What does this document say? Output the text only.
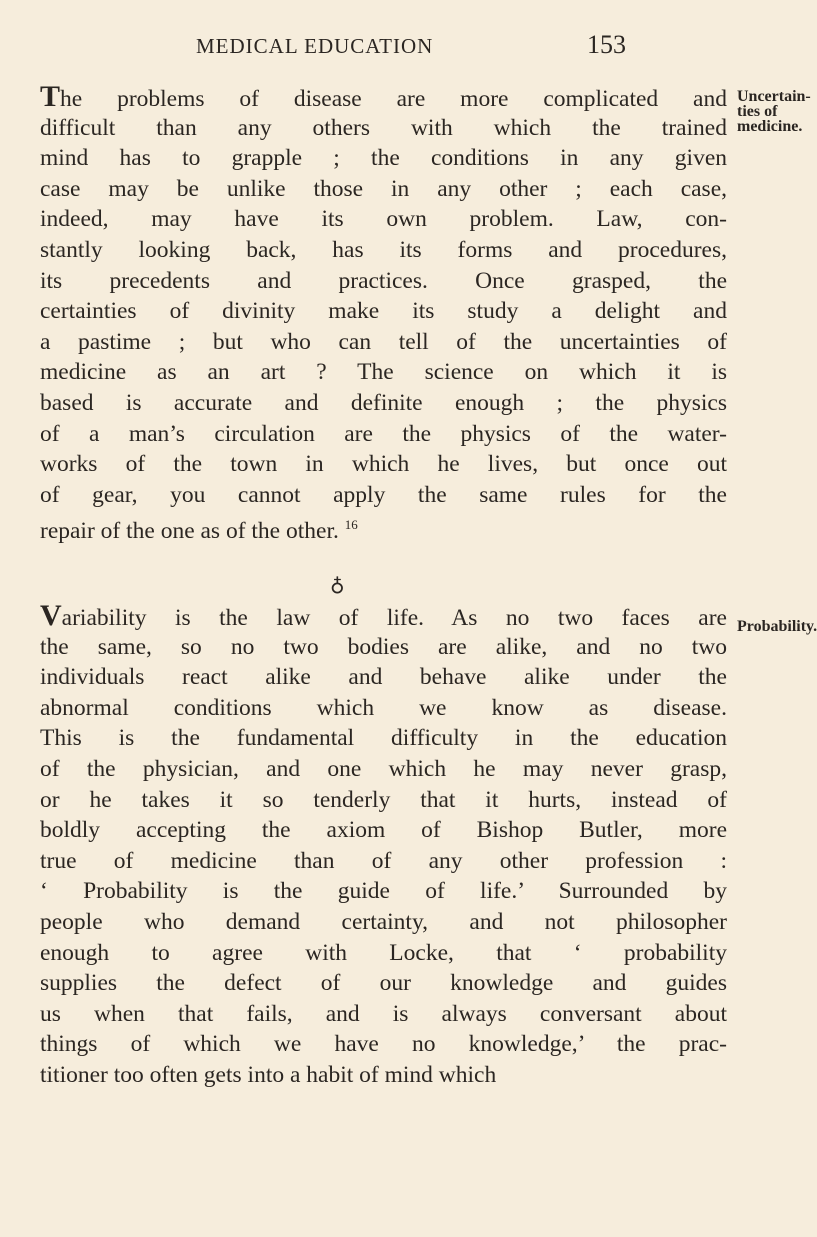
MEDICAL EDUCATION	153
Uncertain-
ties of
medicine.
Probability.
The problems of disease are more complicated and
difficult than any others with which the trained
mind has to grapple ; the conditions in any given
case may be unlike those in any other ; each case,
indeed, may have its own problem. Law, con-
stantly looking back, has its forms and procedures,
its precedents and practices. Once grasped, the
certainties of divinity make its study a delight and
a pastime ; but who can tell of the uncertainties of
medicine as an art ? The science on which it is
based is accurate and definite enough ; the physics
of a man’s circulation are the physics of the water-
works of the town in which he lives, but once out
of gear, you cannot apply the same rules for the
repair of the one as of the other. $^{16}$
♁
Variability is the law of life. As no two faces are
the same, so no two bodies are alike, and no two
individuals react alike and behave alike under the
abnormal conditions which we know as disease.
This is the fundamental difficulty in the education
of the physician, and one which he may never grasp,
or he takes it so tenderly that it hurts, instead of
boldly accepting the axiom of Bishop Butler, more
true of medicine than of any other profession :
‘ Probability is the guide of life.’ Surrounded by
people who demand certainty, and not philosopher
enough to agree with Locke, that ‘ probability
supplies the defect of our knowledge and guides
us when that fails, and is always conversant about
things of which we have no knowledge,’ the prac-
titioner too often gets into a habit of mind which
